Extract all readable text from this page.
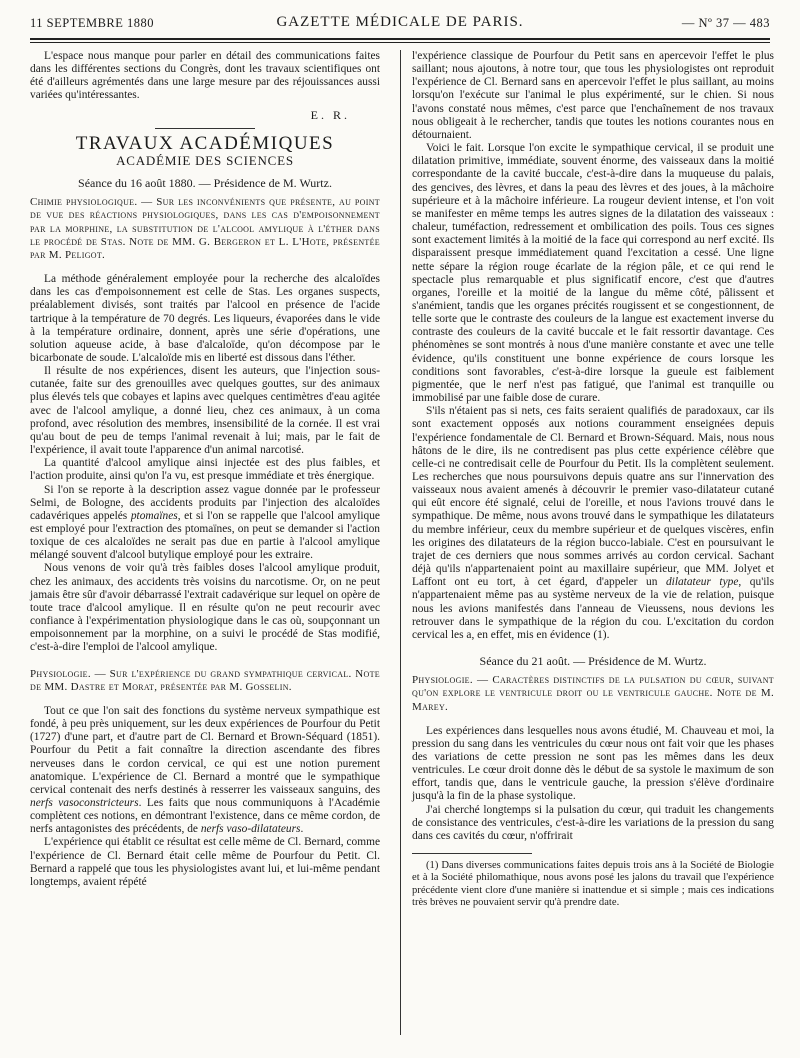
11 SEPTEMBRE 1880	GAZETTE MÉDICALE DE PARIS.	— Nº 37 — 483

L'espace nous manque pour parler en détail des communications faites dans les différentes sections du Congrès, dont les travaux scientifiques ont été d'ailleurs agrémentés dans une large mesure par des réjouissances aussi variées qu'intéressantes.

E. R.
TRAVAUX ACADÉMIQUES
ACADÉMIE DES SCIENCES
Séance du 16 août 1880. — Présidence de M. Wurtz.

Chimie physiologique. — Sur les inconvénients que présente, au point de vue des réactions physiologiques, dans les cas d'empoisonnement par la morphine, la substitution de l'alcool amylique à l'éther dans le procédé de Stas. Note de MM. G. Bergeron et L. L'Hote, présentée par M. Peligot.

La méthode généralement employée pour la recherche des alcaloïdes dans les cas d'empoisonnement est celle de Stas. Les organes suspects, préalablement divisés, sont traités par l'alcool en présence de l'acide tartrique à la température de 70 degrés. Les liqueurs, évaporées dans le vide à la température ordinaire, donnent, après une série d'opérations, une solution aqueuse acide, à base d'alcaloïde, qu'on décompose par le bicarbonate de soude. L'alcaloïde mis en liberté est dissous dans l'éther.

Il résulte de nos expériences, disent les auteurs, que l'injection sous-cutanée, faite sur des grenouilles avec quelques gouttes, sur des animaux plus élevés tels que cobayes et lapins avec quelques centimètres d'eau agitée avec de l'alcool amylique, a donné lieu, chez ces animaux, à un coma profond, avec résolution des membres, insensibilité de la cornée. Il est vrai qu'au bout de peu de temps l'animal revenait à lui; mais, par le fait de l'expérience, il avait toute l'apparence d'un animal narcotisé.

La quantité d'alcool amylique ainsi injectée est des plus faibles, et l'action produite, ainsi qu'on l'a vu, est presque immédiate et très énergique.

Si l'on se reporte à la description assez vague donnée par le professeur Selmi, de Bologne, des accidents produits par l'injection des alcaloïdes cadavériques appelés ptomaïnes, et si l'on se rappelle que l'alcool amylique est employé pour l'extraction des ptomaïnes, on peut se demander si l'action toxique de ces alcaloïdes ne serait pas due en partie à l'alcool amylique mélangé souvent d'alcool butylique employé pour les extraire.

Nous venons de voir qu'à très faibles doses l'alcool amylique produit, chez les animaux, des accidents très voisins du narcotisme. Or, on ne peut jamais être sûr d'avoir débarrassé l'extrait cadavérique sur lequel on opère de toute trace d'alcool amylique. Il en résulte qu'on ne peut recourir avec confiance à l'expérimentation physiologique dans le cas où, soupçonnant un empoisonnement par la morphine, on a suivi le procédé de Stas modifié, c'est-à-dire l'emploi de l'alcool amylique.

Physiologie. — Sur l'expérience du grand sympathique cervical. Note de MM. Dastre et Morat, présentée par M. Gosselin.

Tout ce que l'on sait des fonctions du système nerveux sympathique est fondé, à peu près uniquement, sur les deux expériences de Pourfour du Petit (1727) d'une part, et d'autre part de Cl. Bernard et Brown-Séquard (1851). Pourfour du Petit a fait connaître la direction ascendante des fibres nerveuses dans le cordon cervical, ce qui est une notion purement anatomique. L'expérience de Cl. Bernard a montré que le sympathique cervical contenait des nerfs destinés à resserrer les vaisseaux sanguins, des nerfs vasoconstricteurs. Les faits que nous communiquons à l'Académie complètent ces notions, en démontrant l'existence, dans ce même cordon, de nerfs antagonistes des précédents, de nerfs vaso-dilatateurs.

L'expérience qui établit ce résultat est celle même de Cl. Bernard, comme l'expérience de Cl. Bernard était celle même de Pourfour du Petit. Cl. Bernard a rappelé que tous les physiologistes avant lui, et lui-même pendant longtemps, avaient répété

l'expérience classique de Pourfour du Petit sans en apercevoir l'effet le plus saillant; nous ajoutons, à notre tour, que tous les physiologistes ont reproduit l'expérience de Cl. Bernard sans en apercevoir l'effet le plus saillant, au moins lorsqu'on l'exécute sur l'animal le plus expérimenté, sur le chien. Si nous l'avons constaté nous mêmes, c'est parce que l'enchaînement de nos travaux nous obligeait à le rechercher, tandis que toutes les notions courantes nous en détournaient.

Voici le fait. Lorsque l'on excite le sympathique cervical, il se produit une dilatation primitive, immédiate, souvent énorme, des vaisseaux dans la moitié correspondante de la cavité buccale, c'est-à-dire dans la muqueuse du palais, des gencives, des lèvres, et dans la peau des lèvres et des joues, à la mâchoire supérieure et à la mâchoire inférieure. La rougeur devient intense, et l'on voit se manifester en même temps les autres signes de la dilatation des vaisseaux : chaleur, tuméfaction, redressement et ombilication des poils. Tous ces signes sont exactement limités à la moitié de la face qui correspond au nerf excité. Ils disparaissent presque immédiatement quand l'excitation a cessé. Une ligne nette sépare la région rouge écarlate de la région pâle, et ce qui rend le spectacle plus remarquable et plus significatif encore, c'est que d'autres organes, l'oreille et la moitié de la langue du même côté, pâlissent et s'anémient, tandis que les organes précités rougissent et se congestionnent, de telle sorte que le contraste des couleurs de la langue est exactement inverse du contraste des couleurs de la cavité buccale et le fait ressortir davantage. Ces phénomènes se sont montrés à nous d'une manière constante et avec une telle évidence, qu'ils constituent une bonne expérience de cours lorsque les conditions sont favorables, c'est-à-dire lorsque la gueule est faiblement pigmentée, que le nerf n'est pas fatigué, que l'animal est tranquille ou immobilisé par une faible dose de curare.

S'ils n'étaient pas si nets, ces faits seraient qualifiés de paradoxaux, car ils sont exactement opposés aux notions couramment enseignées depuis l'expérience fondamentale de Cl. Bernard et Brown-Séquard. Mais, nous nous hâtons de le dire, ils ne contredisent pas plus cette expérience célèbre que celle-ci ne contredisait celle de Pourfour du Petit. Ils la complètent seulement. Les recherches que nous poursuivons depuis quatre ans sur l'innervation des vaisseaux nous avaient amenés à découvrir le premier vaso-dilatateur cutané qui eût encore été signalé, celui de l'oreille, et nous l'avions trouvé dans le sympathique. De même, nous avons trouvé dans le sympathique les dilatateurs du membre inférieur, ceux du membre supérieur et de quelques viscères, enfin les origines des dilatateurs de la région bucco-labiale. C'est en poursuivant le trajet de ces derniers que nous sommes arrivés au cordon cervical. Sachant déjà qu'ils n'appartenaient point au maxillaire supérieur, que MM. Jolyet et Laffont ont eu tort, à cet égard, d'appeler un dilatateur type, qu'ils n'appartenaient même pas au système nerveux de la vie de relation, puisque nous les avions manifestés dans l'anneau de Vieussens, nous devions les retrouver dans le sympathique de la région du cou. L'excitation du cordon cervical les a, en effet, mis en évidence (1).

Séance du 21 août. — Présidence de M. Wurtz.

Physiologie. — Caractères distinctifs de la pulsation du cœur, suivant qu'on explore le ventricule droit ou le ventricule gauche. Note de M. Marey.

Les expériences dans lesquelles nous avons étudié, M. Chauveau et moi, la pression du sang dans les ventricules du cœur nous ont fait voir que les phases des variations de cette pression ne sont pas les mêmes dans les deux ventricules. Le cœur droit donne dès le début de sa systole le maximum de son effort, tandis que, dans le ventricule gauche, la pression s'élève d'ordinaire jusqu'à la fin de la phase systolique.

J'ai cherché longtemps si la pulsation du cœur, qui traduit les changements de consistance des ventricules, c'est-à-dire les variations de la pression du sang dans ces cavités du cœur, n'offrirait

(1) Dans diverses communications faites depuis trois ans à la Société de Biologie et à la Société philomathique, nous avons posé les jalons du travail que l'expérience précédente vient clore d'une manière si inattendue et si simple ; mais ces indications très brèves ne pouvaient servir qu'à prendre date.
